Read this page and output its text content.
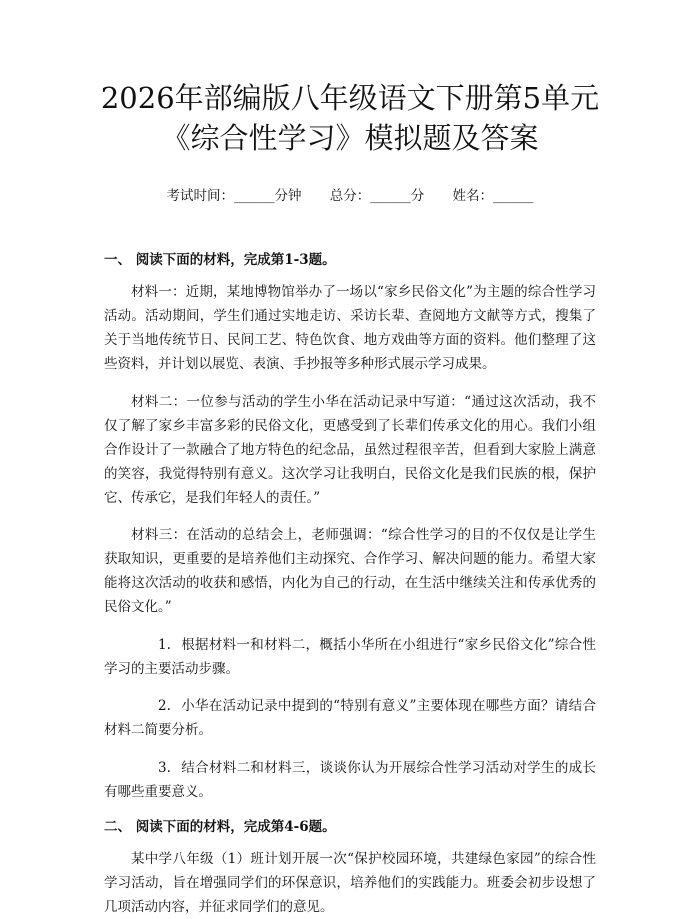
2026年部编版八年级语文下册第5单元《综合性学习》模拟题及答案
考试时间：______分钟 总分：______分 姓名：______
一、 阅读下面的材料，完成第1-3题。

材料一：近期，某地博物馆举办了一场以“家乡民俗文化”为主题的综合性学习活动。活动期间，学生们通过实地走访、采访长辈、查阅地方文献等方式，搜集了关于当地传统节日、民间工艺、特色饮食、地方戏曲等方面的资料。他们整理了这些资料，并计划以展览、表演、手抄报等多种形式展示学习成果。

材料二：一位参与活动的学生小华在活动记录中写道：“通过这次活动，我不仅了解了家乡丰富多彩的民俗文化，更感受到了长辈们传承文化的用心。我们小组合作设计了一款融合了地方特色的纪念品，虽然过程很辛苦，但看到大家脸上满意的笑容，我觉得特别有意义。这次学习让我明白，民俗文化是我们民族的根，保护它、传承它，是我们年轻人的责任。”

材料三：在活动的总结会上，老师强调：“综合性学习的目的不仅仅是让学生获取知识，更重要的是培养他们主动探究、合作学习、解决问题的能力。希望大家能将这次活动的收获和感悟，内化为自己的行动，在生活中继续关注和传承优秀的民俗文化。”

1. 根据材料一和材料二，概括小华所在小组进行“家乡民俗文化”综合性学习的主要活动步骤。

2. 小华在活动记录中提到的“特别有意义”主要体现在哪些方面？请结合材料二简要分析。

3. 结合材料二和材料三，谈谈你认为开展综合性学习活动对学生的成长有哪些重要意义。

二、 阅读下面的材料，完成第4-6题。

某中学八年级（1）班计划开展一次“保护校园环境，共建绿色家园”的综合性学习活动，旨在增强同学们的环保意识，培养他们的实践能力。班委会初步设想了几项活动内容，并征求同学们的意见。
